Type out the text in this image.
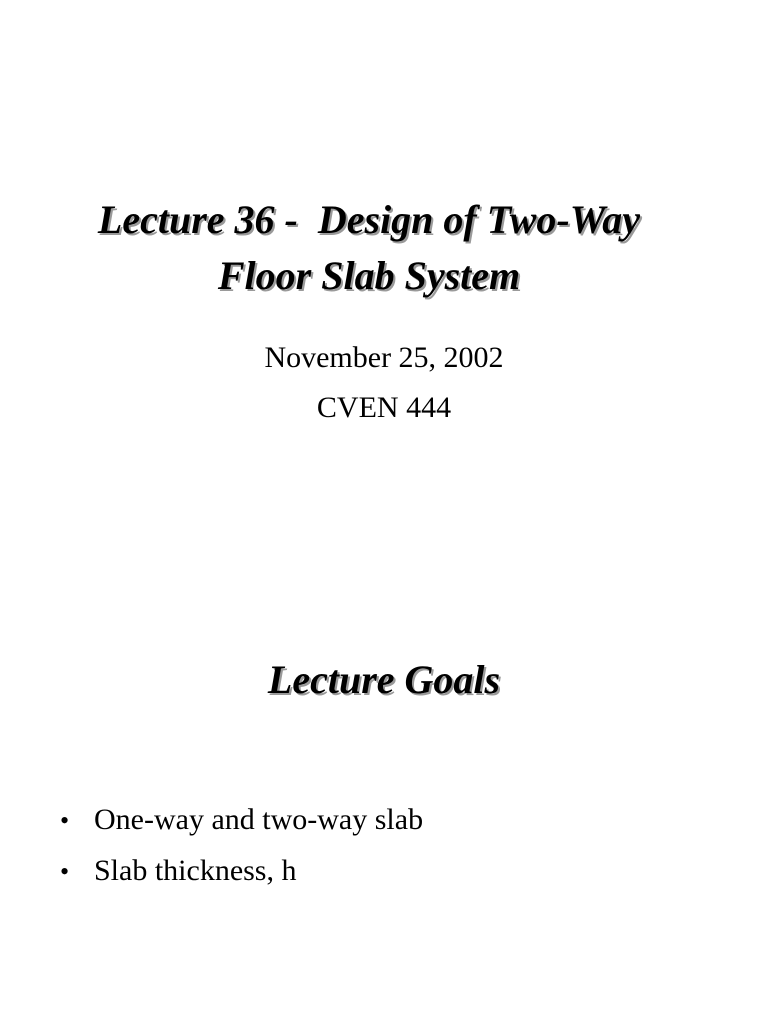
Lecture 36 -  Design of Two-Way
Floor Slab System
November 25, 2002
CVEN 444
Lecture Goals
• One-way and two-way slab
• Slab thickness, h
